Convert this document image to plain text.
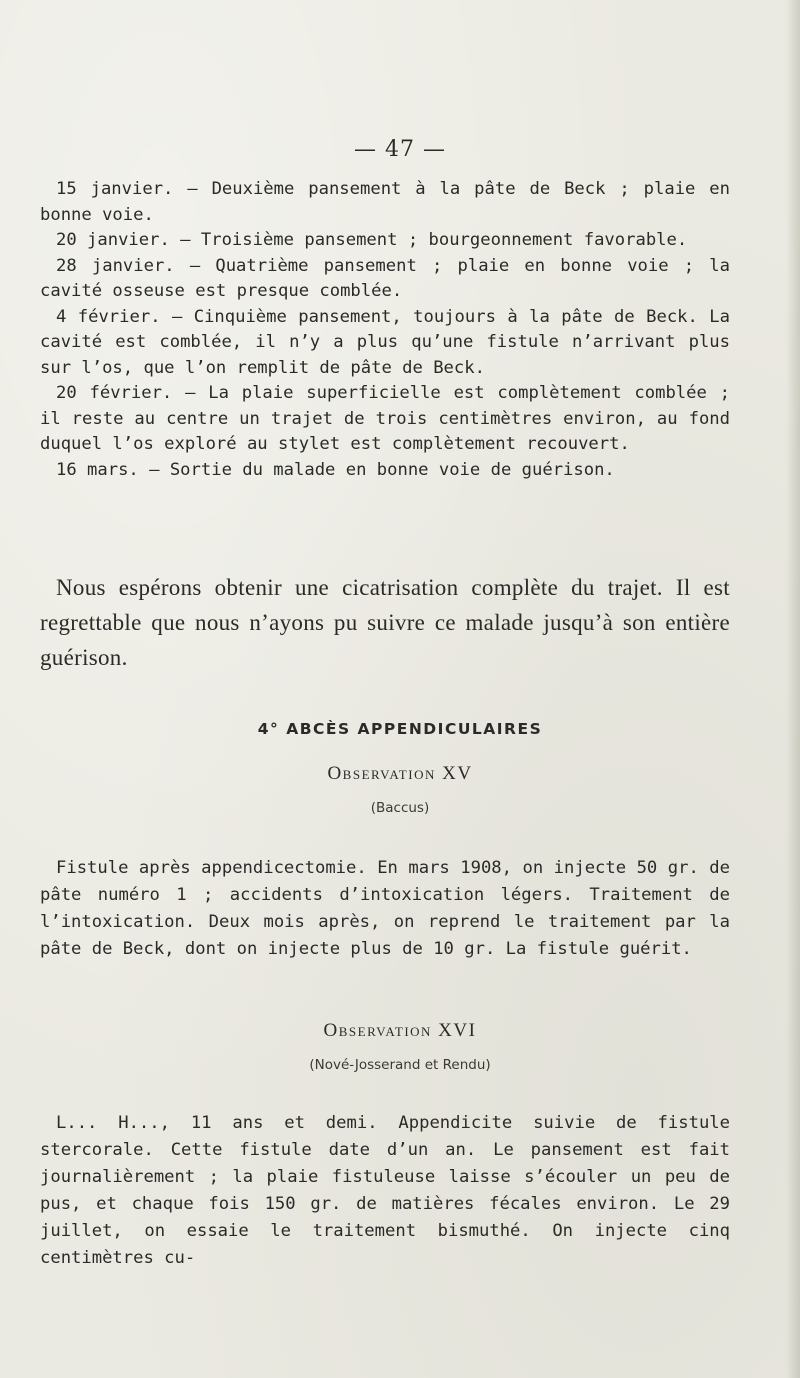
— 47 —

15 janvier. — Deuxième pansement à la pâte de Beck ; plaie en bonne voie.

20 janvier. — Troisième pansement ; bourgeonnement favorable.

28 janvier. — Quatrième pansement ; plaie en bonne voie ; la cavité osseuse est presque comblée.

4 février. — Cinquième pansement, toujours à la pâte de Beck. La cavité est comblée, il n’y a plus qu’une fistule n’arrivant plus sur l’os, que l’on remplit de pâte de Beck.

20 février. — La plaie superficielle est complètement comblée ; il reste au centre un trajet de trois centimètres environ, au fond duquel l’os exploré au stylet est complètement recouvert.

16 mars. — Sortie du malade en bonne voie de guérison.

Nous espérons obtenir une cicatrisation complète du trajet. Il est regrettable que nous n’ayons pu suivre ce malade jusqu’à son entière guérison.

4° ABCÈS APPENDICULAIRES
Observation XV
(Baccus)

Fistule après appendicectomie. En mars 1908, on injecte 50 gr. de pâte numéro 1 ; accidents d’intoxication légers. Traitement de l’intoxication. Deux mois après, on reprend le traitement par la pâte de Beck, dont on injecte plus de 10 gr. La fistule guérit.

Observation XVI
(Nové-Josserand et Rendu)

L... H..., 11 ans et demi. Appendicite suivie de fistule stercorale. Cette fistule date d’un an. Le pansement est fait journalièrement ; la plaie fistuleuse laisse s’écouler un peu de pus, et chaque fois 150 gr. de matières fécales environ. Le 29 juillet, on essaie le traitement bismuthé. On injecte cinq centimètres cu-
